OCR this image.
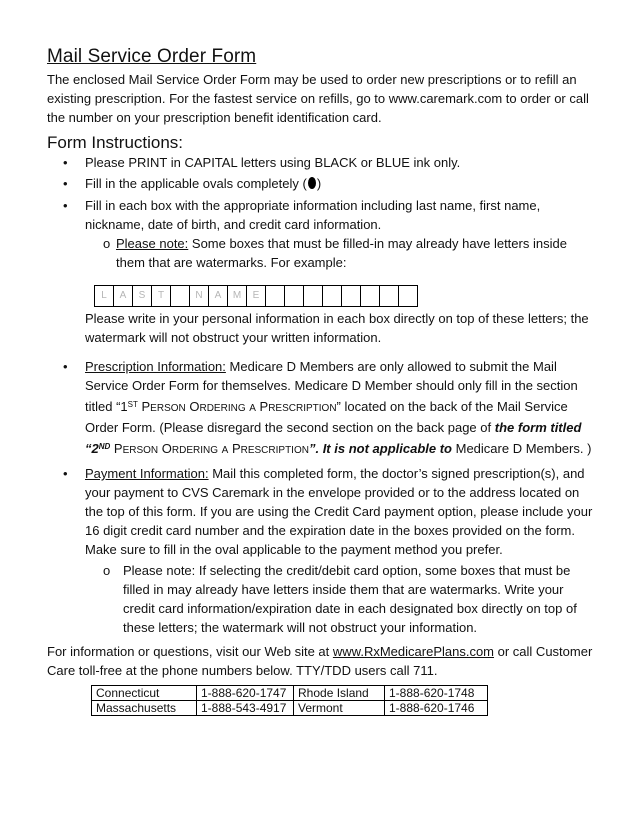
Mail Service Order Form
The enclosed Mail Service Order Form may be used to order new prescriptions or to refill an existing prescription. For the fastest service on refills, go to www.caremark.com to order or call the number on your prescription benefit identification card.
Form Instructions:
• Please PRINT in CAPITAL letters using BLACK or BLUE ink only.
• Fill in the applicable ovals completely ( )
• Fill in each box with the appropriate information including last name, first name, nickname, date of birth, and credit card information.
o Please note: Some boxes that must be filled-in may already have letters inside them that are watermarks. For example:
L	A	S	T	N	A	M	E
Please write in your personal information in each box directly on top of these letters; the watermark will not obstruct your written information.
• Prescription Information: Medicare D Members are only allowed to submit the Mail Service Order Form for themselves. Medicare D Member should only fill in the section titled “1ST PERSON ORDERING A PRESCRIPTION” located on the back of the Mail Service Order Form. (Please disregard the second section on the back page of the form titled “2ND PERSON ORDERING A PRESCRIPTION”. It is not applicable to Medicare D Members. )
• Payment Information: Mail this completed form, the doctor’s signed prescription(s), and your payment to CVS Caremark in the envelope provided or to the address located on the top of this form. If you are using the Credit Card payment option, please include your 16 digit credit card number and the expiration date in the boxes provided on the form. Make sure to fill in the oval applicable to the payment method you prefer.
o Please note: If selecting the credit/debit card option, some boxes that must be filled in may already have letters inside them that are watermarks. Write your credit card information/expiration date in each designated box directly on top of these letters; the watermark will not obstruct your information.
For information or questions, visit our Web site at www.RxMedicarePlans.com or call Customer Care toll-free at the phone numbers below. TTY/TDD users call 711.
Connecticut	1-888-620-1747	Rhode Island	1-888-620-1748
Massachusetts	1-888-543-4917	Vermont	1-888-620-1746
